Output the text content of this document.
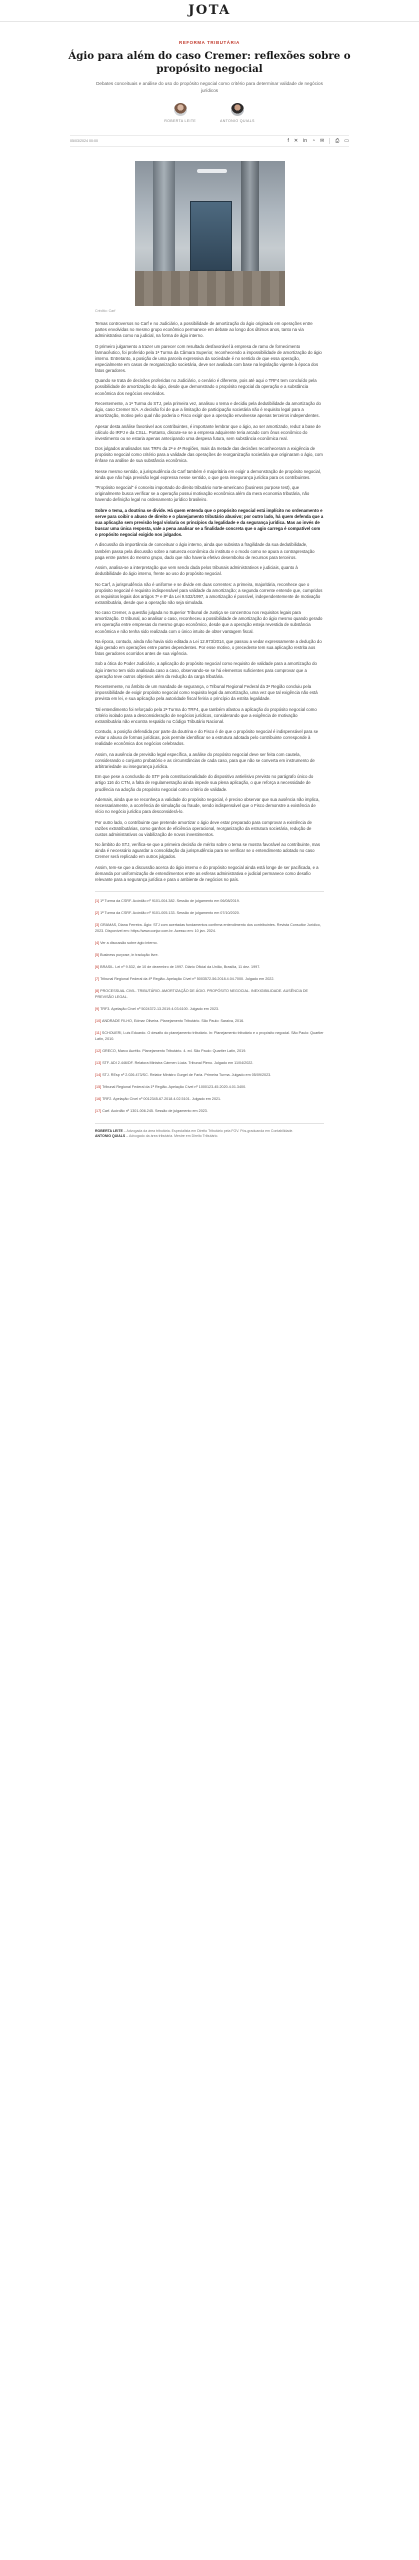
JOTA
REFORMA TRIBUTÁRIA
Ágio para além do caso Cremer: reflexões sobre o propósito negocial

Debates conceituais e análise do uso do propósito negocial como critério para determinar validade de negócios jurídicos

ROBERTA LEITE	ANTONIO QUIALS
05/03/2024 00:00	f ✕ in ◔ ✉ ⎙ ▭
Crédito: Carf

Temas controversos no Carf e no Judiciário, a possibilidade de amortização do ágio originado em operações entre partes envolvidas no mesmo grupo econômico permanece em debate ao longo dos últimos anos, tanto na via administrativa como na judicial, na forma de ágio interno.

O primeiro julgamento a trazer um parecer com resultado desfavorável à empresa de ramo de fornecimento farmacêutico, foi proferido pela 1ª Turma da Câmara Superior, reconhecendo a impossibilidade de amortização do ágio interno. Entretanto, a posição de uma parcela expressiva da sociedade é no sentido de que essa operação, especialmente em casos de reorganização societária, deve ser avaliada com base na legislação vigente à época dos fatos geradores.

Quando se trata de decisões proferidas no Judiciário, o cenário é diferente, pois até aqui o TRF4 tem concluído pela possibilidade de amortização do ágio, desde que demonstrado o propósito negocial da operação e a substância econômica dos negócios envolvidos.

Recentemente, a 1ª Turma do STJ, pela primeira vez, analisou o tema e decidiu pela dedutibilidade da amortização do ágio, caso Cremer S/A. A decisão foi de que a limitação de participação societária não é requisito legal para a amortização, motivo pelo qual não poderia o Fisco exigir que a operação envolvesse apenas terceiros independentes.

Apesar desta análise favorável aos contribuintes, é importante lembrar que o ágio, ao ser amortizado, reduz a base de cálculo do IRPJ e da CSLL. Portanto, discute-se se a empresa adquirente teria arcado com ônus econômico do investimento ou se estaria apenas antecipando uma despesa futura, sem substância econômica real.

Dos julgados analisados nas TRFs da 2ª e 4ª Regiões, mais da metade das decisões reconheceram a exigência de propósito negocial como critério para a validade das operações de reorganização societária que originaram o ágio, com ênfase na análise de sua substância econômica.

Nesse mesmo sentido, a jurisprudência do Carf também é majoritária em exigir a demonstração de propósito negocial, ainda que não haja previsão legal expressa nesse sentido, o que gera insegurança jurídica para os contribuintes.

"Propósito negocial" é conceito importado do direito tributário norte-americano (business purpose test), que originalmente busca verificar se a operação possui motivação econômica além da mera economia tributária, não havendo definição legal no ordenamento jurídico brasileiro.

Sobre o tema, a doutrina se divide. Há quem entenda que o propósito negocial está implícito no ordenamento e serve para coibir o abuso de direito e o planejamento tributário abusivo; por outro lado, há quem defenda que a sua aplicação sem previsão legal violaria os princípios da legalidade e da segurança jurídica. Mas ao invés de buscar uma única resposta, vale a pena analisar se a finalidade concreta que o agio carrega é compatível com o propósito negocial exigido nos julgados.

A discussão da importância de conceituar o ágio interno, ainda que subsista a fragilidade da sua dedutibilidade, também passa pela discussão sobre a natureza econômica do instituto e o modo como se apura a contraprestação paga entre partes do mesmo grupo, dado que não haveria efetivo desembolso de recursos para terceiros.

Assim, analisa-se a interpretação que vem sendo dada pelos tribunais administrativos e judiciais, quanto à dedutibilidade do ágio interno, frente ao uso do propósito negocial.

No Carf, a jurisprudência não é uniforme e se divide em duas correntes: a primeira, majoritária, reconhece que o propósito negocial é requisito indispensável para validade da amortização; a segunda corrente entende que, cumpridos os requisitos legais dos artigos 7º e 8º da Lei 9.532/1997, a amortização é possível, independentemente de motivação extratributária, desde que a operação não seja simulada.

No caso Cremer, a questão julgada no Superior Tribunal de Justiça se concentrou nos requisitos legais para amortização. O tribunal, ao analisar o caso, reconheceu a possibilidade de amortização do ágio mesmo quando gerado em operação entre empresas do mesmo grupo econômico, desde que a operação esteja revestida de substância econômica e não tenha sido realizada com o único intuito de obter vantagem fiscal.

Na época, contudo, ainda não havia sido editada a Lei 12.973/2014, que passou a vedar expressamente a dedução do ágio gerado em operações entre partes dependentes. Por esse motivo, o precedente tem sua aplicação restrita aos fatos geradores ocorridos antes de sua vigência.

Sob a ótica do Poder Judiciário, a aplicação do propósito negocial como requisito de validade para a amortização do ágio interno tem sido analisada caso a caso, observando-se se há elementos suficientes para comprovar que a operação teve outros objetivos além da redução da carga tributária.

Recentemente, no âmbito de um mandado de segurança, o Tribunal Regional Federal da 3ª Região concluiu pela impossibilidade de exigir propósito negocial como requisito legal da amortização, uma vez que tal exigência não está prevista em lei, e sua aplicação pela autoridade fiscal feriria o princípio da estrita legalidade.

Tal entendimento foi reforçado pela 2ª Turma do TRF4, que também afastou a aplicação do propósito negocial como critério isolado para a desconsideração de negócios jurídicos, considerando que a exigência de motivação extratributária não encontra respaldo no Código Tributário Nacional.

Contudo, a posição defendida por parte da doutrina e do Fisco é de que o propósito negocial é indispensável para se evitar o abuso de formas jurídicas, pois permite identificar se a estrutura adotada pelo contribuinte corresponde à realidade econômica dos negócios celebrados.

Assim, na ausência de previsão legal específica, a análise do propósito negocial deve ser feita com cautela, considerando o conjunto probatório e as circunstâncias de cada caso, para que não se converta em instrumento de arbitrariedade ou insegurança jurídica.

Em que pese a conclusão do STF pela constitucionalidade do dispositivo antielisivo previsto no parágrafo único do artigo 116 do CTN, a falta de regulamentação ainda impede sua plena aplicação, o que reforça a necessidade de prudência na adoção do propósito negocial como critério de validade.

Ademais, ainda que se reconheça a validade do propósito negocial, é preciso observar que sua ausência não implica, necessariamente, a ocorrência de simulação ou fraude, sendo indispensável que o Fisco demonstre a existência de vício no negócio jurídico para desconsiderá-lo.

Por outro lado, o contribuinte que pretende amortizar o ágio deve estar preparado para comprovar a existência de razões extratributárias, como ganhos de eficiência operacional, reorganização da estrutura societária, redução de custos administrativos ou viabilização de novos investimentos.

No âmbito do STJ, verifica-se que a primeira decisão de mérito sobre o tema se mostra favorável ao contribuinte, mas ainda é necessário aguardar a consolidação da jurisprudência para se verificar se o entendimento adotado no caso Cremer será replicado em outros julgados.

Assim, tem-se que a discussão acerca do ágio interno e do propósito negocial ainda está longe de ser pacificada, e a demanda por uniformização de entendimentos entre as esferas administrativa e judicial permanece como desafio relevante para a segurança jurídica e para o ambiente de negócios no país.

[1] 1ª Turma da CSRF. Acórdão nº 9101-004.382. Sessão de julgamento em 06/08/2019.

[2] 1ª Turma da CSRF. Acórdão nº 9101-005.133. Sessão de julgamento em 07/10/2020.

[3] GRAMAS, Diana Ferreira. Ágio: STJ com acertadas fundamentos confirma entendimento dos contribuintes. Revista Consultor Jurídico, 2023. Disponível em: https://www.conjur.com.br. Acesso em: 10 jan. 2024.

[4] Ver a discussão sobre ágio interno.

[5] Business purpose, in tradução livre.

[6] BRASIL. Lei nº 9.532, de 10 de dezembro de 1997. Diário Oficial da União, Brasília, 11 dez. 1997.

[7] Tribunal Regional Federal da 4ª Região. Apelação Cível nº 5003572-56.2018.4.04.7000. Julgado em 2022.

[8] PROCESSUAL CIVIL. TRIBUTÁRIO. AMORTIZAÇÃO DE ÁGIO. PROPÓSITO NEGOCIAL. INEXIGIBILIDADE. AUSÊNCIA DE PREVISÃO LEGAL.

[9] TRF3. Apelação Cível nº 5024372-13.2019.4.03.6100. Julgado em 2023.

[10] ANDRADE FILHO, Edmar Oliveira. Planejamento Tributário. São Paulo: Saraiva, 2016.

[11] SCHOUERI, Luís Eduardo. O desafio do planejamento tributário. In: Planejamento tributário e o propósito negocial. São Paulo: Quartier Latin, 2010.

[12] GRECO, Marco Aurélio. Planejamento Tributário. 4. ed. São Paulo: Quartier Latin, 2019.

[13] STF. ADI 2.446/DF. Relatora Ministra Cármen Lúcia. Tribunal Pleno. Julgado em 11/04/2022.

[14] STJ. REsp nº 2.026.473/SC. Relator Ministro Gurgel de Faria. Primeira Turma. Julgado em 05/09/2023.

[15] Tribunal Regional Federal da 1ª Região. Apelação Cível nº 1000123-45.2020.4.01.3400.

[16] TRF2. Apelação Cível nº 0012345-67.2018.4.02.5101. Julgado em 2021.

[17] Carf. Acórdão nº 1301-006.245. Sessão de julgamento em 2023.

ROBERTA LEITE – Advogada da área tributária. Especialista em Direito Tributário pela FGV. Pós-graduanda em Contabilidade.

ANTONIO QUIALS – Advogado da área tributária. Mestre em Direito Tributário.
